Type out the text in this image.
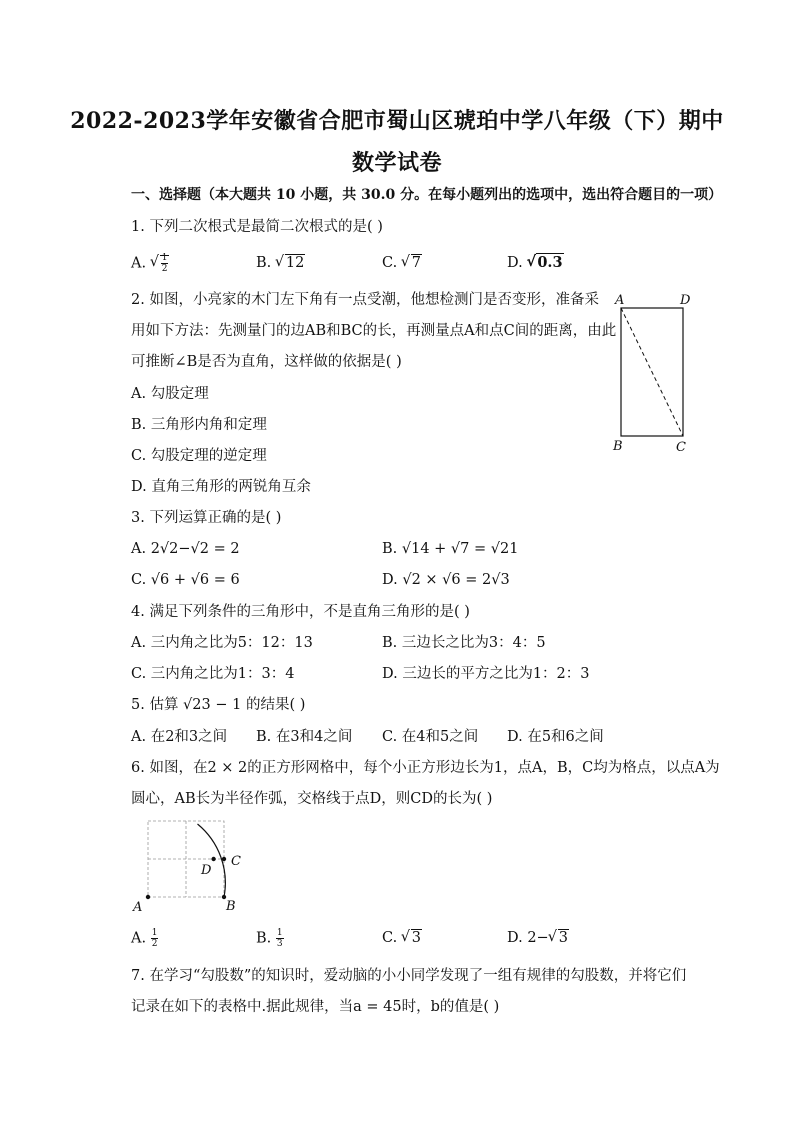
2022-2023学年安徽省合肥市蜀山区琥珀中学八年级（下）期中
数学试卷
一、选择题（本大题共 10 小题，共 30.0 分。在每小题列出的选项中，选出符合题目的一项）
1. 下列二次根式是最简二次根式的是( )
A. √ $\frac{1}{2}$	B. √ 12	C. √ 7	D. √ 0.3
2. 如图，小亮家的木门左下角有一点受潮，他想检测门是否变形，准备采
用如下方法：先测量门的边AB和BC的长，再测量点A和点C间的距离，由此
可推断∠B是否为直角，这样做的依据是( )
A. 勾股定理
B. 三角形内角和定理
C. 勾股定理的逆定理
D. 直角三角形的两锐角互余
A	D
B	C
3. 下列运算正确的是( )
A. 2√2−√2 = 2	B. √14 + √7 = √21
C. √6 + √6 = 6	D. √2 × √6 = 2√3
4. 满足下列条件的三角形中，不是直角三角形的是( )
A. 三内角之比为5：12：13	B. 三边长之比为3：4：5
C. 三内角之比为1：3：4	D. 三边长的平方之比为1：2：3
5. 估算 √23 − 1 的结果( )
A. 在2和3之间 B. 在3和4之间 C. 在4和5之间 D. 在5和6之间
6. 如图，在2 × 2的正方形网格中，每个小正方形边长为1，点A，B，C均为格点，以点A为
圆心，AB长为半径作弧，交格线于点D，则CD的长为( )
A	B
C
D
A. $\frac{1}{2}$	B. $\frac{1}{3}$	C. √ 3	D. 2− √ 3
7. 在学习“勾股数”的知识时，爱动脑的小小同学发现了一组有规律的勾股数，并将它们
记录在如下的表格中.据此规律，当a = 45时，b的值是( )
